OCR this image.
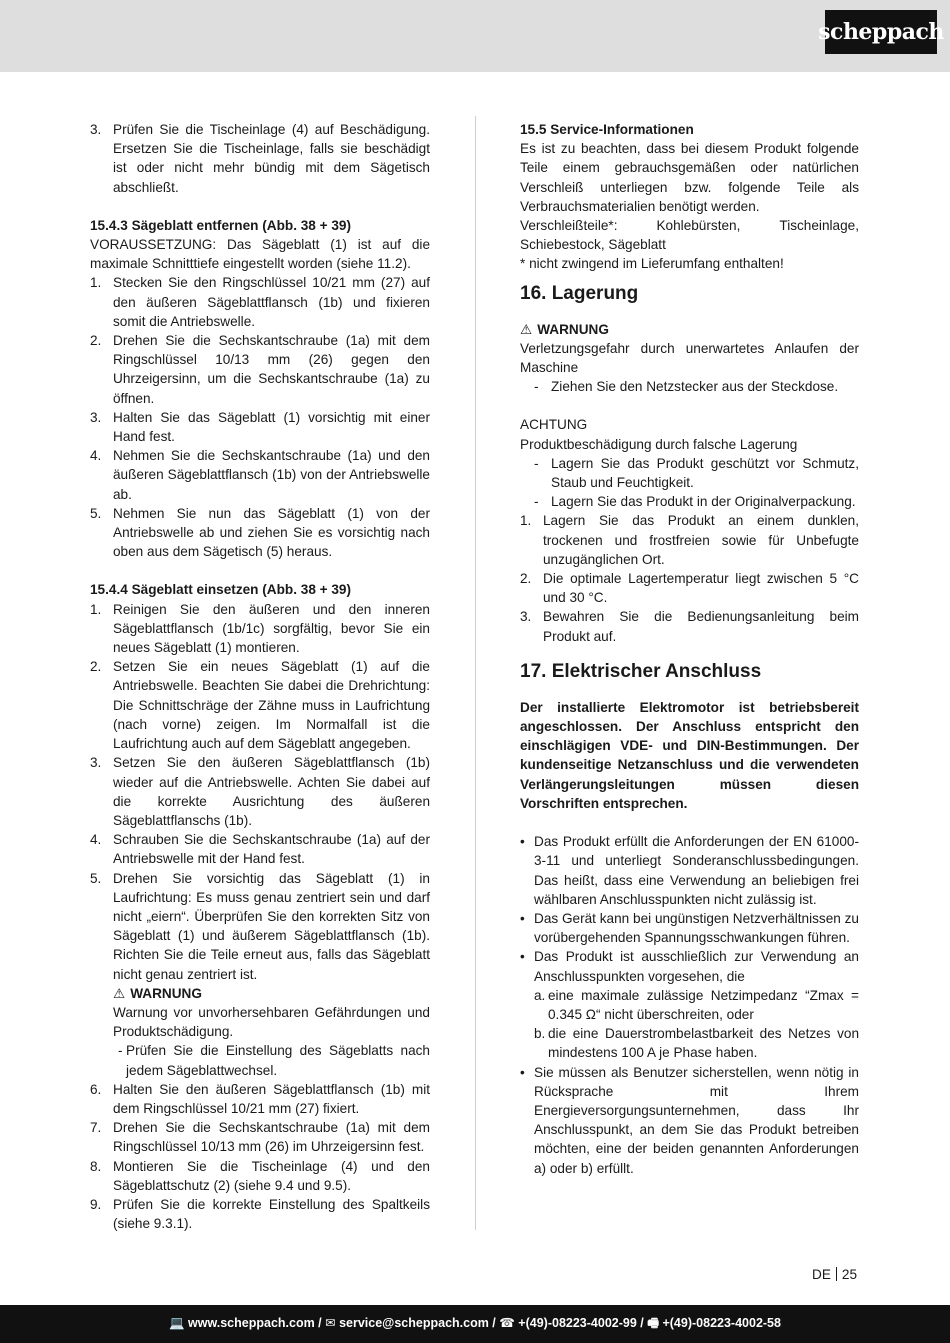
scheppach
3. Prüfen Sie die Tischeinlage (4) auf Beschädigung. Ersetzen Sie die Tischeinlage, falls sie beschädigt ist oder nicht mehr bündig mit dem Sägetisch abschließt.

15.4.3 Sägeblatt entfernen (Abb. 38 + 39)

VORAUSSETZUNG: Das Sägeblatt (1) ist auf die maximale Schnitttiefe eingestellt worden (siehe 11.2).

1. Stecken Sie den Ringschlüssel 10/21 mm (27) auf den äußeren Sägeblattflansch (1b) und fixieren somit die Antriebswelle.
2. Drehen Sie die Sechskantschraube (1a) mit dem Ringschlüssel 10/13 mm (26) gegen den Uhrzeigersinn, um die Sechskantschraube (1a) zu öffnen.
3. Halten Sie das Sägeblatt (1) vorsichtig mit einer Hand fest.
4. Nehmen Sie die Sechskantschraube (1a) und den äußeren Sägeblattflansch (1b) von der Antriebswelle ab.
5. Nehmen Sie nun das Sägeblatt (1) von der Antriebswelle ab und ziehen Sie es vorsichtig nach oben aus dem Sägetisch (5) heraus.

15.4.4 Sägeblatt einsetzen (Abb. 38 + 39)

1. Reinigen Sie den äußeren und den inneren Sägeblattflansch (1b/1c) sorgfältig, bevor Sie ein neues Sägeblatt (1) montieren.
2. Setzen Sie ein neues Sägeblatt (1) auf die Antriebswelle. Beachten Sie dabei die Drehrichtung: Die Schnittschräge der Zähne muss in Laufrichtung (nach vorne) zeigen. Im Normalfall ist die Laufrichtung auch auf dem Sägeblatt angegeben.
3. Setzen Sie den äußeren Sägeblattflansch (1b) wieder auf die Antriebswelle. Achten Sie dabei auf die korrekte Ausrichtung des äußeren Sägeblattflanschs (1b).
4. Schrauben Sie die Sechskantschraube (1a) auf der Antriebswelle mit der Hand fest.
5. Drehen Sie vorsichtig das Sägeblatt (1) in Laufrichtung: Es muss genau zentriert sein und darf nicht „eiern“. Überprüfen Sie den korrekten Sitz von Sägeblatt (1) und äußerem Sägeblattflansch (1b). Richten Sie die Teile erneut aus, falls das Sägeblatt nicht genau zentriert ist.

⚠ WARNUNG

Warnung vor unvorhersehbaren Gefährdungen und Produktschädigung.

- Prüfen Sie die Einstellung des Sägeblatts nach jedem Sägeblattwechsel.
6. Halten Sie den äußeren Sägeblattflansch (1b) mit dem Ringschlüssel 10/21 mm (27) fixiert.
7. Drehen Sie die Sechskantschraube (1a) mit dem Ringschlüssel 10/13 mm (26) im Uhrzeigersinn fest.
8. Montieren Sie die Tischeinlage (4) und den Sägeblattschutz (2) (siehe 9.4 und 9.5).
9. Prüfen Sie die korrekte Einstellung des Spaltkeils (siehe 9.3.1).

15.5 Service-Informationen

Es ist zu beachten, dass bei diesem Produkt folgende Teile einem gebrauchsgemäßen oder natürlichen Verschleiß unterliegen bzw. folgende Teile als Verbrauchsmaterialien benötigt werden.

Verschleißteile*:	Kohlebürsten,	Tischeinlage,

Schiebestock, Sägeblatt

* nicht zwingend im Lieferumfang enthalten!

16. Lagerung

⚠ WARNUNG

Verletzungsgefahr durch unerwartetes Anlaufen der Maschine

- Ziehen Sie den Netzstecker aus der Steckdose.

ACHTUNG

Produktbeschädigung durch falsche Lagerung

- Lagern Sie das Produkt geschützt vor Schmutz, Staub und Feuchtigkeit.
- Lagern Sie das Produkt in der Originalverpackung.
1. Lagern Sie das Produkt an einem dunklen, trockenen und frostfreien sowie für Unbefugte unzugänglichen Ort.
2. Die optimale Lagertemperatur liegt zwischen 5 °C und 30 °C.
3. Bewahren Sie die Bedienungsanleitung beim Produkt auf.
17. Elektrischer Anschluss

Der installierte Elektromotor ist betriebsbereit angeschlossen. Der Anschluss entspricht den einschlägigen VDE- und DIN-Bestimmungen. Der kundenseitige Netzanschluss und die verwendeten Verlängerungsleitungen müssen diesen Vorschriften entsprechen.

• Das Produkt erfüllt die Anforderungen der EN 61000-3-11 und unterliegt Sonderanschlussbedingungen. Das heißt, dass eine Verwendung an beliebigen frei wählbaren Anschlusspunkten nicht zulässig ist.
• Das Gerät kann bei ungünstigen Netzverhältnissen zu vorübergehenden Spannungsschwankungen führen.
• Das Produkt ist ausschließlich zur Verwendung an Anschlusspunkten vorgesehen, die
a. eine maximale zulässige Netzimpedanz “Zmax = 0.345 Ω“ nicht überschreiten, oder
b. die eine Dauerstrombelastbarkeit des Netzes von mindestens 100 A je Phase haben.
• Sie müssen als Benutzer sicherstellen, wenn nötig in Rücksprache mit Ihrem Energieversorgungsunternehmen, dass Ihr Anschlusspunkt, an dem Sie das Produkt betreiben möchten, eine der beiden genannten Anforderungen a) oder b) erfüllt.
DE 25
💻 www.scheppach.com / ✉ service@scheppach.com / ☎ +(49)-08223-4002-99 / 🖷 +(49)-08223-4002-58
